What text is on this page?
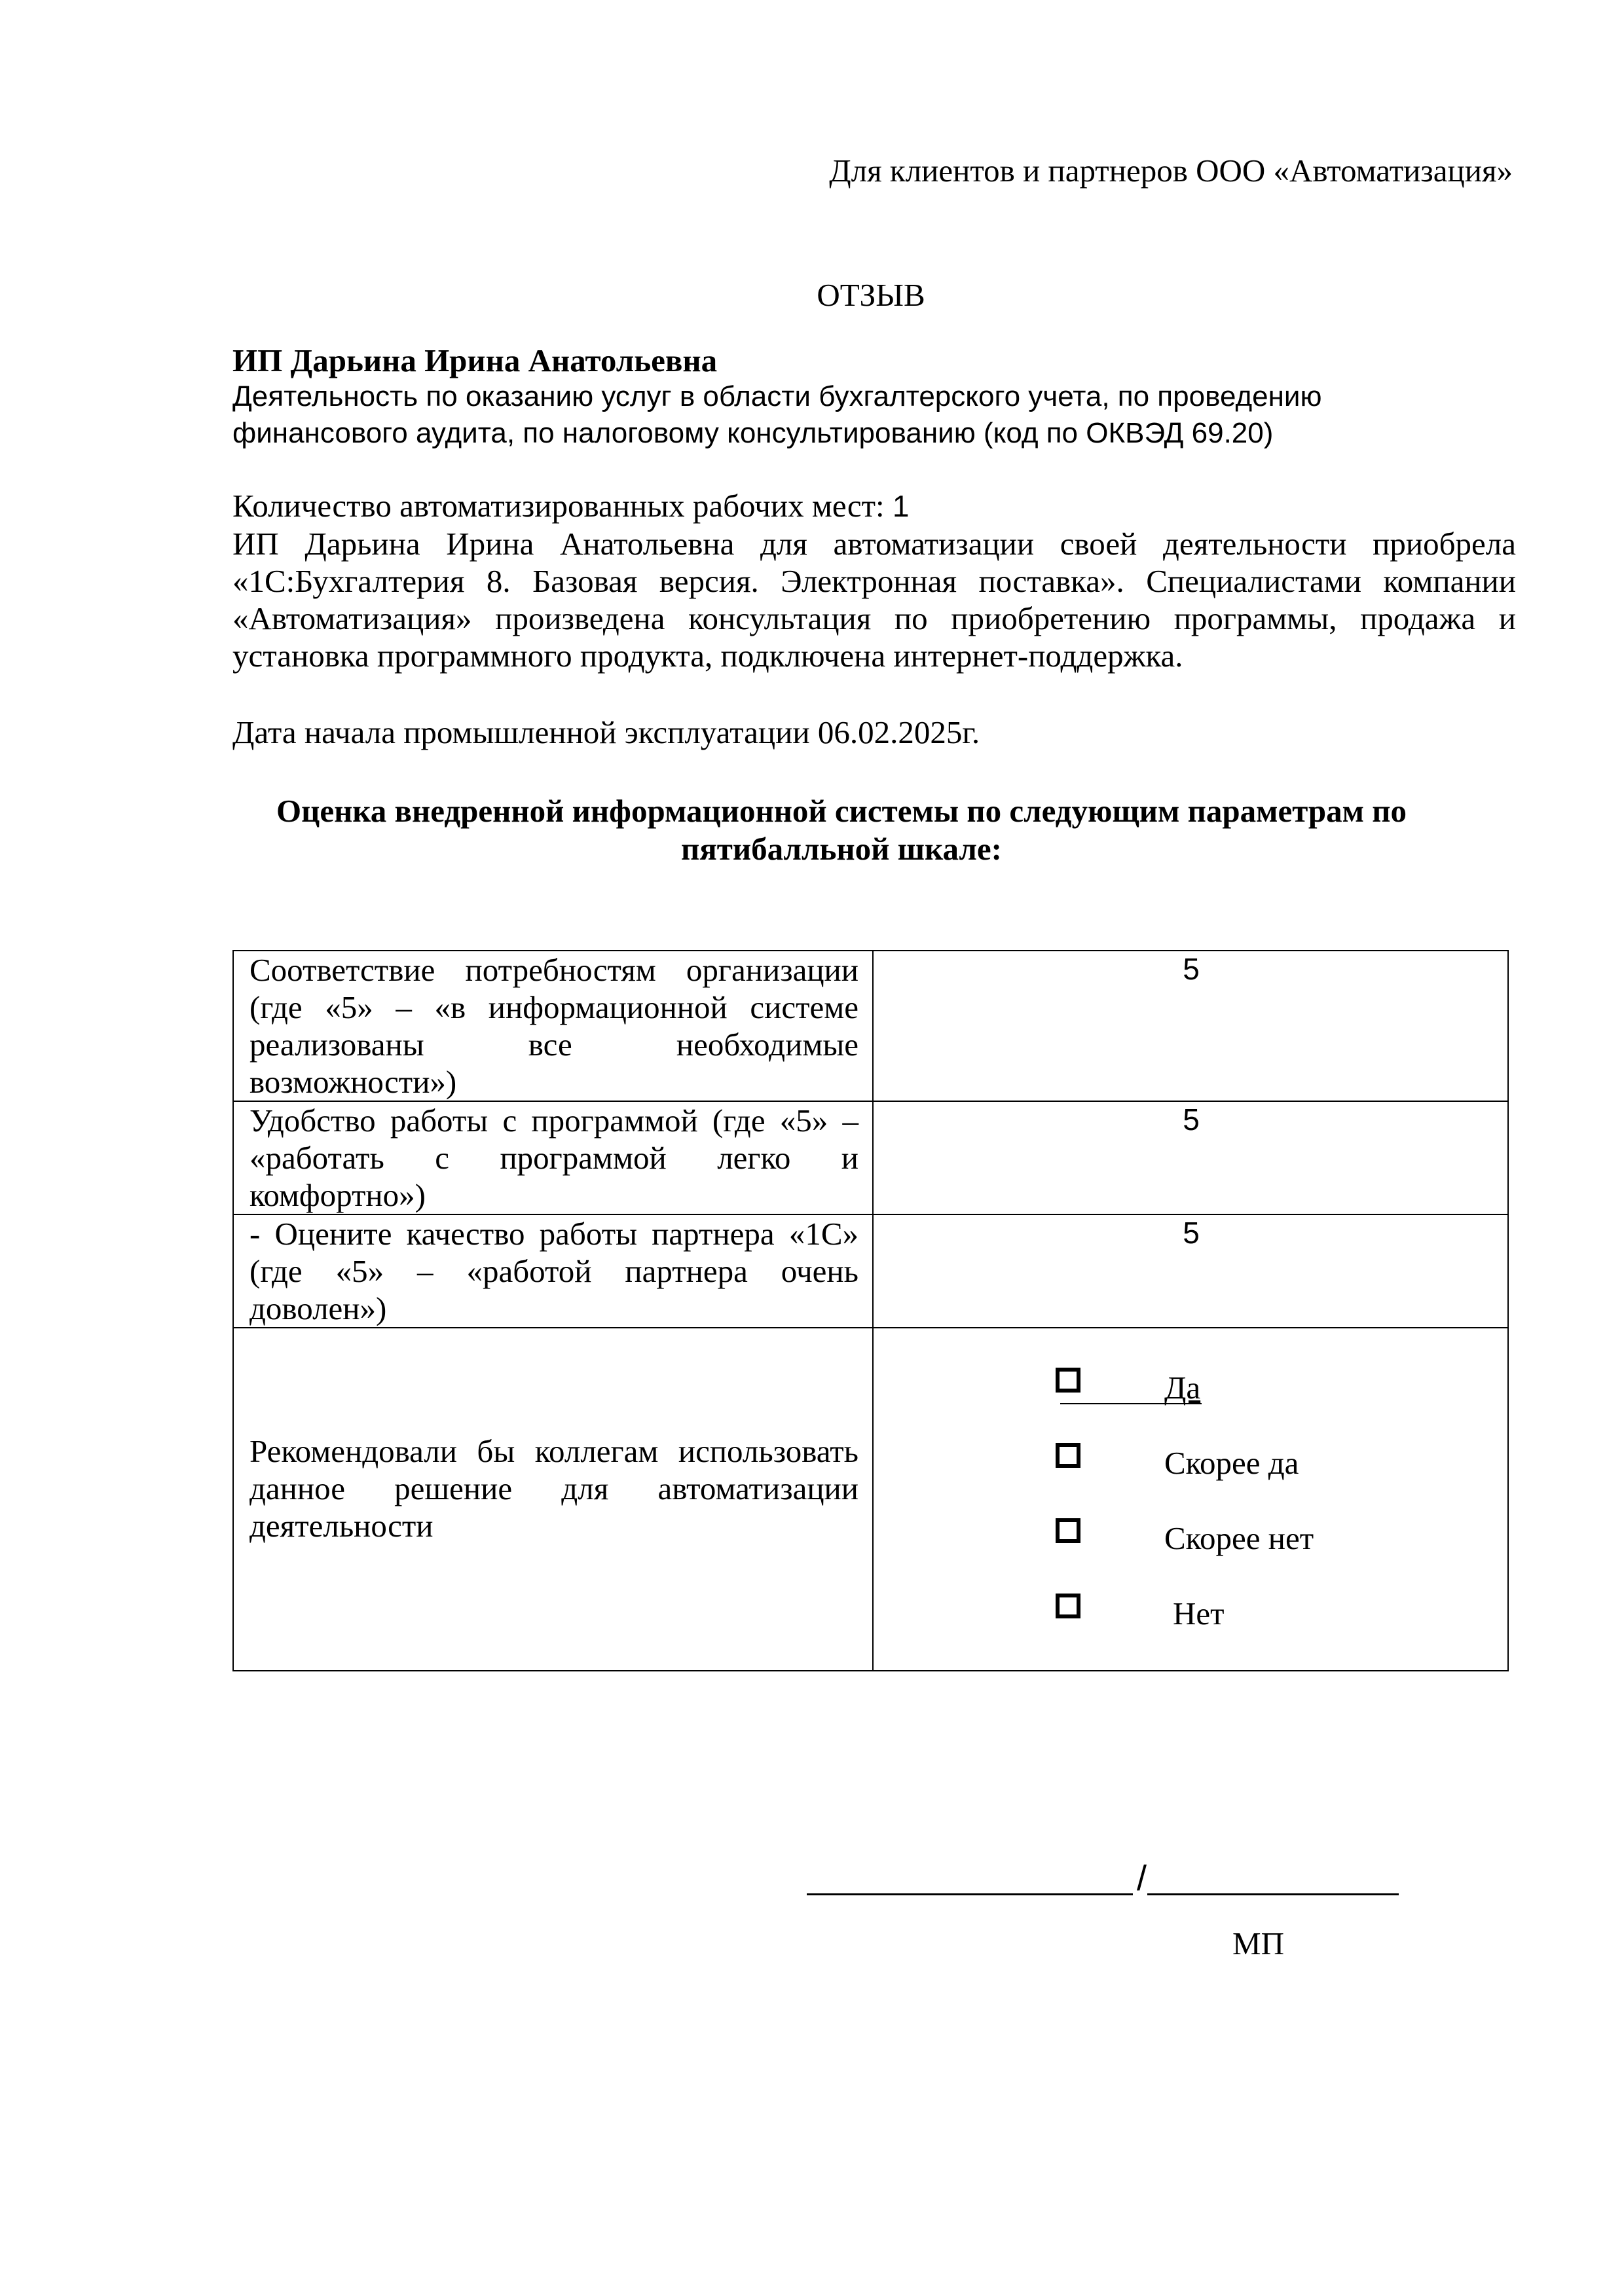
Для клиентов и партнеров ООО «Автоматизация»
ОТЗЫВ
ИП Дарьина Ирина Анатольевна
Деятельность по оказанию услуг в области бухгалтерского учета, по проведению финансового аудита, по налоговому консультированию (код по ОКВЭД 69.20)
Количество автоматизированных рабочих мест: 1
ИП Дарьина Ирина Анатольевна для автоматизации своей деятельности приобрела «1С:Бухгалтерия 8. Базовая версия. Электронная поставка». Специалистами компании «Автоматизация» произведена консультация по приобретению программы, продажа и установка программного продукта, подключена интернет-поддержка.
Дата начала промышленной эксплуатации 06.02.2025г.
Оценка внедренной информационной системы по следующим параметрам по пятибалльной шкале:
Соответствие потребностям организации (где «5» – «в информационной системе реализованы все необходимые возможности»)
5
Удобство работы с программой (где «5» – «работать с программой легко и комфортно»)
5
- Оцените качество работы партнера «1С» (где «5» – «работой партнера очень доволен»)
5
Рекомендовали бы коллегам использовать данное решение для автоматизации деятельности
Да
Скорее да
Скорее нет
Нет
/
МП
